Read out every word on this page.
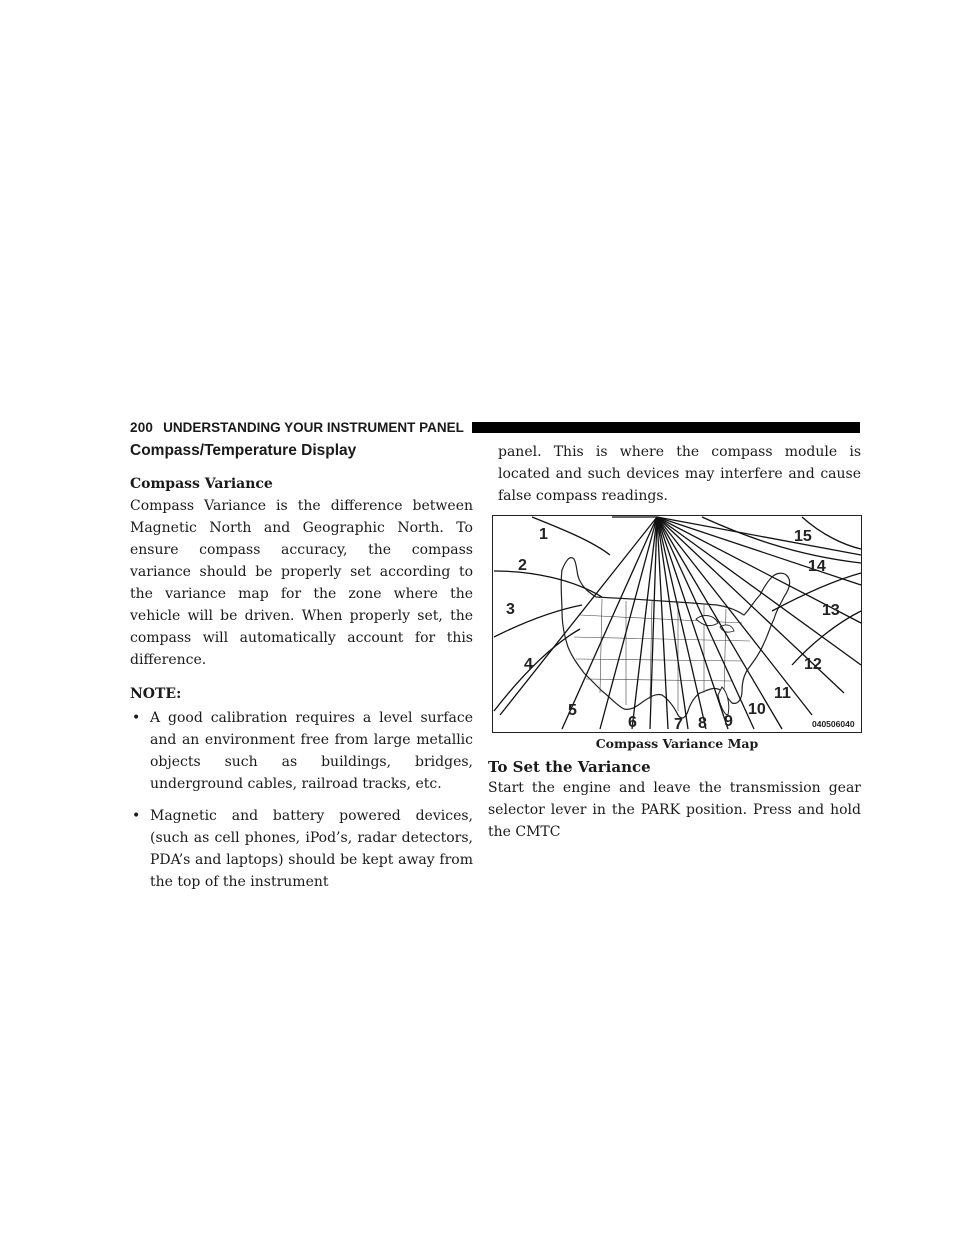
200 UNDERSTANDING YOUR INSTRUMENT PANEL
Compass/Temperature Display

Compass Variance

Compass Variance is the difference between Magnetic North and Geographic North. To ensure compass accuracy, the compass variance should be properly set according to the variance map for the zone where the vehicle will be driven. When properly set, the compass will automatically account for this difference.

NOTE:

• A good calibration requires a level surface and an environment free from large metallic objects such as buildings, bridges, underground cables, railroad tracks, etc.
• Magnetic and battery powered devices, (such as cell phones, iPod’s, radar detectors, PDA’s and laptops) should be kept away from the top of the instrument

panel. This is where the compass module is located and such devices may interfere and cause false compass readings.

1
2
3
4
5
6 7 8 9
10
11
12
13
14
15
040506040
Compass Variance Map

To Set the Variance

Start the engine and leave the transmission gear selector lever in the PARK position. Press and hold the CMTC
